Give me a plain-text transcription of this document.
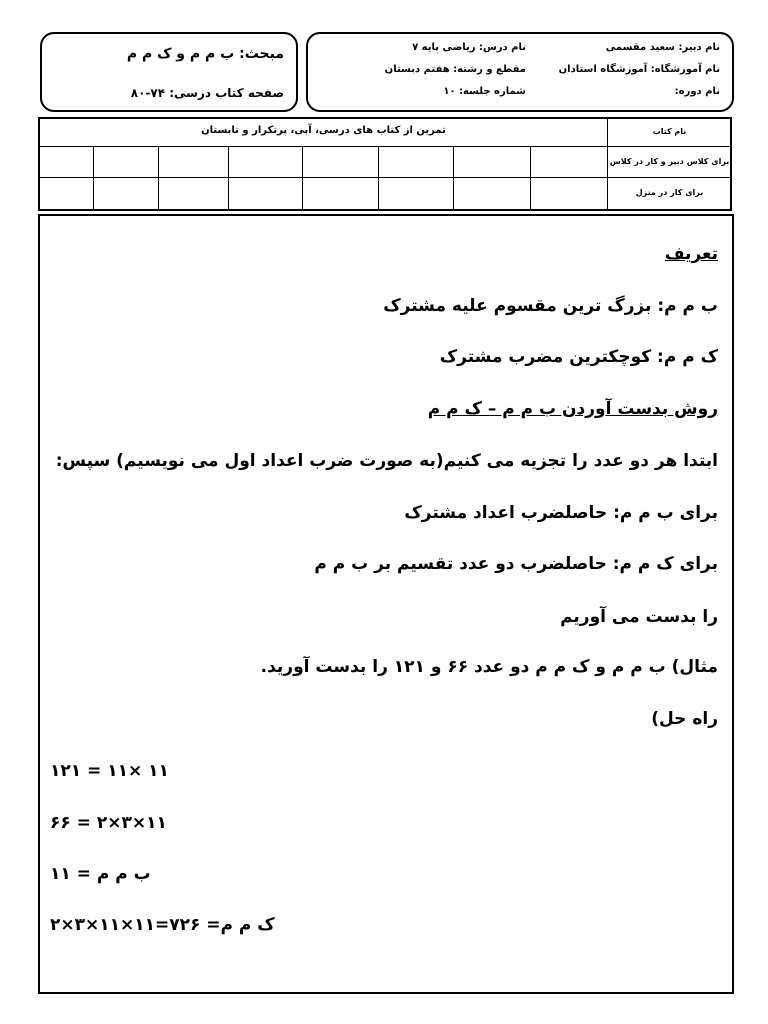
مبحث: ب م م و ک م م
صفحه کتاب درسی: ۷۴-۸۰
نام دبیر: سعید مقسمی
نام آموزشگاه: آموزشگاه استادان
نام دوره:
نام درس: ریاضی پایه ۷
مقطع و رشته: هفتم دبستان
شماره جلسه: ۱۰
نام کتاب
تمرین از کتاب های درسی، آبی، پرتکرار و تابستان
برای کلاس دبیر و کار در کلاس
برای کار در منزل
تعریف
ب م م: بزرگ ترین مقسوم علیه مشترک
ک م م: کوچکترین مضرب مشترک
روش بدست آوردن ب م م – ک م م
ابتدا هر دو عدد را تجزیه می کنیم(به صورت ضرب اعداد اول می نویسیم) سپس:
برای ب م م: حاصلضرب اعداد مشترک
برای ک م م: حاصلضرب دو عدد تقسیم بر ب م م
را بدست می آوریم
مثال) ب م م و ک م م دو عدد ۶۶ و ۱۲۱ را بدست آورید.
راه حل)
۱۲۱ = ۱۱× ۱۱
۶۶ = ۲×۳×۱۱
۱۱ = ب م م
۲×۳×۱۱×۱۱=۷۲۶ =ک م م
